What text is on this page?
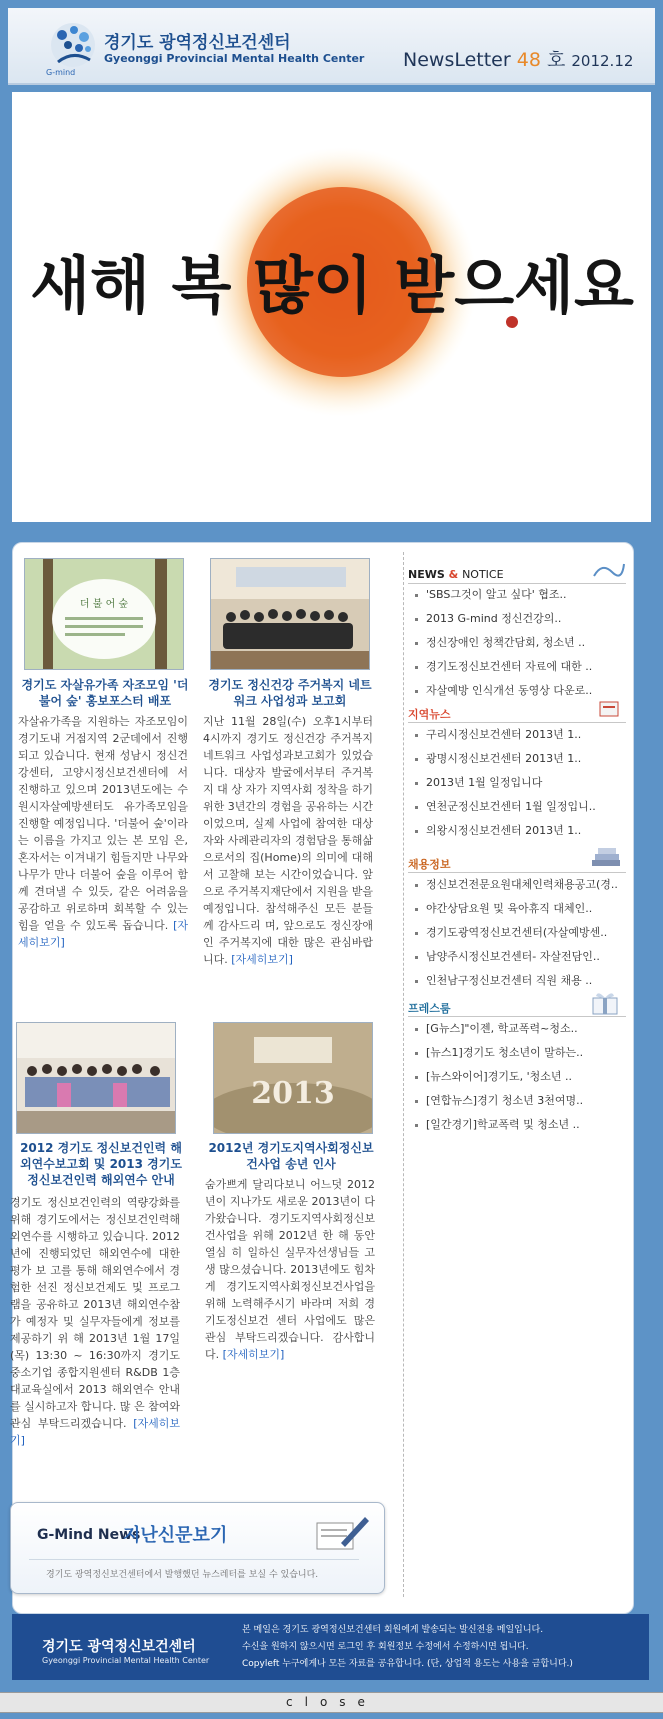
G-mind
경기도 광역정신보건센터
Gyeonggi Provincial Mental Health Center NewsLetter 48 호 2012.12
새해 복 많이 받으세요
더 불 어 숲
경기도 자살유가족 자조모임 '더불어 숲' 홍보포스터 배포
자살유가족을 지원하는 자조모임이 경기도내 거점지역 2군데에서 진행되고 있습니다. 현재 성남시 정신건강센터, 고양시정신보건센터에 서 진행하고 있으며 2013년도에는 수원시자살예방센터도 유가족모임을 진행할 예정입니다. '더불어 숲'이라는 이름을 가지고 있는 본 모임 은, 혼자서는 이겨내기 힘들지만 나무와 나무가 만나 더불어 숲을 이루어 함께 견뎌낼 수 있듯, 같은 어려움을 공감하고 위로하며 회복할 수 있는 힘을 얻을 수 있도록 돕습니다. [자세히보기]
경기도 정신건강 주거복지 네트워크 사업성과 보고회
지난 11월 28일(수) 오후1시부터 4시까지 경기도 정신건강 주거복지 네트워크 사업성과보고회가 있었습니다. 대상자 발굴에서부터 주거복지 대 상 자가 지역사회 정착을 하기 위한 3년간의 경험을 공유하는 시간이었으며, 실제 사업에 참여한 대상자와 사례관리자의 경험담을 통해삶으로서의 집(Home)의 의미에 대해서 고찰해 보는 시간이었습니다. 앞으로 주거복지재단에서 지원을 받을 예정입니다. 참석해주신 모든 분들께 감사드리 며, 앞으로도 정신장애인 주거복지에 대한 많은 관심바랍니다. [자세히보기]
2012 경기도 정신보건인력 해외연수보고회 및 2013 경기도 정신보건인력 해외연수 안내
경기도 정신보건인력의 역량강화를 위해 경기도에서는 정신보건인력해외연수를 시행하고 있습니다. 2012년에 진행되었던 해외연수에 대한 평가 보 고를 통해 해외연수에서 경험한 선진 정신보건제도 및 프로그램을 공유하고 2013년 해외연수참가 예정자 및 실무자들에게 정보를 제공하기 위 해 2013년 1월 17일 (목) 13:30 ~ 16:30까지 경기도 중소기업 종합지원센터 R&DB 1층 대교육실에서 2013 해외연수 안내를 실시하고자 합니다. 많 은 참여와 관심 부탁드리겠습니다. [자세히보기]
2013
2012년 경기도지역사회정신보건사업 송년 인사
숨가쁘게 달리다보니 어느덧 2012년이 지나가도 새로운 2013년이 다가왔습니다. 경기도지역사회정신보건사업을 위해 2012년 한 해 동안 열심 히 일하신 실무자선생님들 고생 많으셨습니다. 2013년에도 힘차게 경기도지역사회정신보건사업을 위해 노력해주시기 바라며 저희 경기도정신보건 센터 사업에도 많은 관심 부탁드리겠습니다. 감사합니다. [자세히보기]
NEWS & NOTICE
'SBS그것이 알고 싶다' 협조..
2013 G-mind 정신건강의..
정신장애인 청책간담회, 청소년 ..
경기도정신보건센터 자료에 대한 ..
자살예방 인식개선 동영상 다운로..
지역뉴스
구리시정신보건센터 2013년 1..
광명시정신보건센터 2013년 1..
2013년 1월 일정입니다
연천군정신보건센터 1월 일정입니..
의왕시정신보건센터 2013년 1..
채용정보
정신보건전문요원대체인력채용공고(경..
야간상담요원 및 육아휴직 대체인..
경기도광역정신보건센터(자살예방센..
남양주시정신보건센터- 자살전담인..
인천남구정신보건센터 직원 채용 ..
프레스룸
[G뉴스]"이젠, 학교폭력~청소..
[뉴스1]경기도 청소년이 말하는..
[뉴스와이어]경기도, '청소년 ..
[연합뉴스]경기 청소년 3천여명..
[일간경기]학교폭력 및 청소년 ..
G-Mind News
지난신문보기
경기도 광역정신보건센터에서 발행했던 뉴스레터를 보실 수 있습니다.
경기도 광역정신보건센터
Gyeonggi Provincial Mental Health Center
본 메일은 경기도 광역정신보건센터 회원에게 발송되는 발신전용 메일입니다.
수신을 원하지 않으시면 로그인 후 회원정보 수정에서 수정하시면 됩니다.
Copyleft 누구에게나 모든 자료를 공유합니다. (단, 상업적 용도는 사용을 금합니다.)
close
